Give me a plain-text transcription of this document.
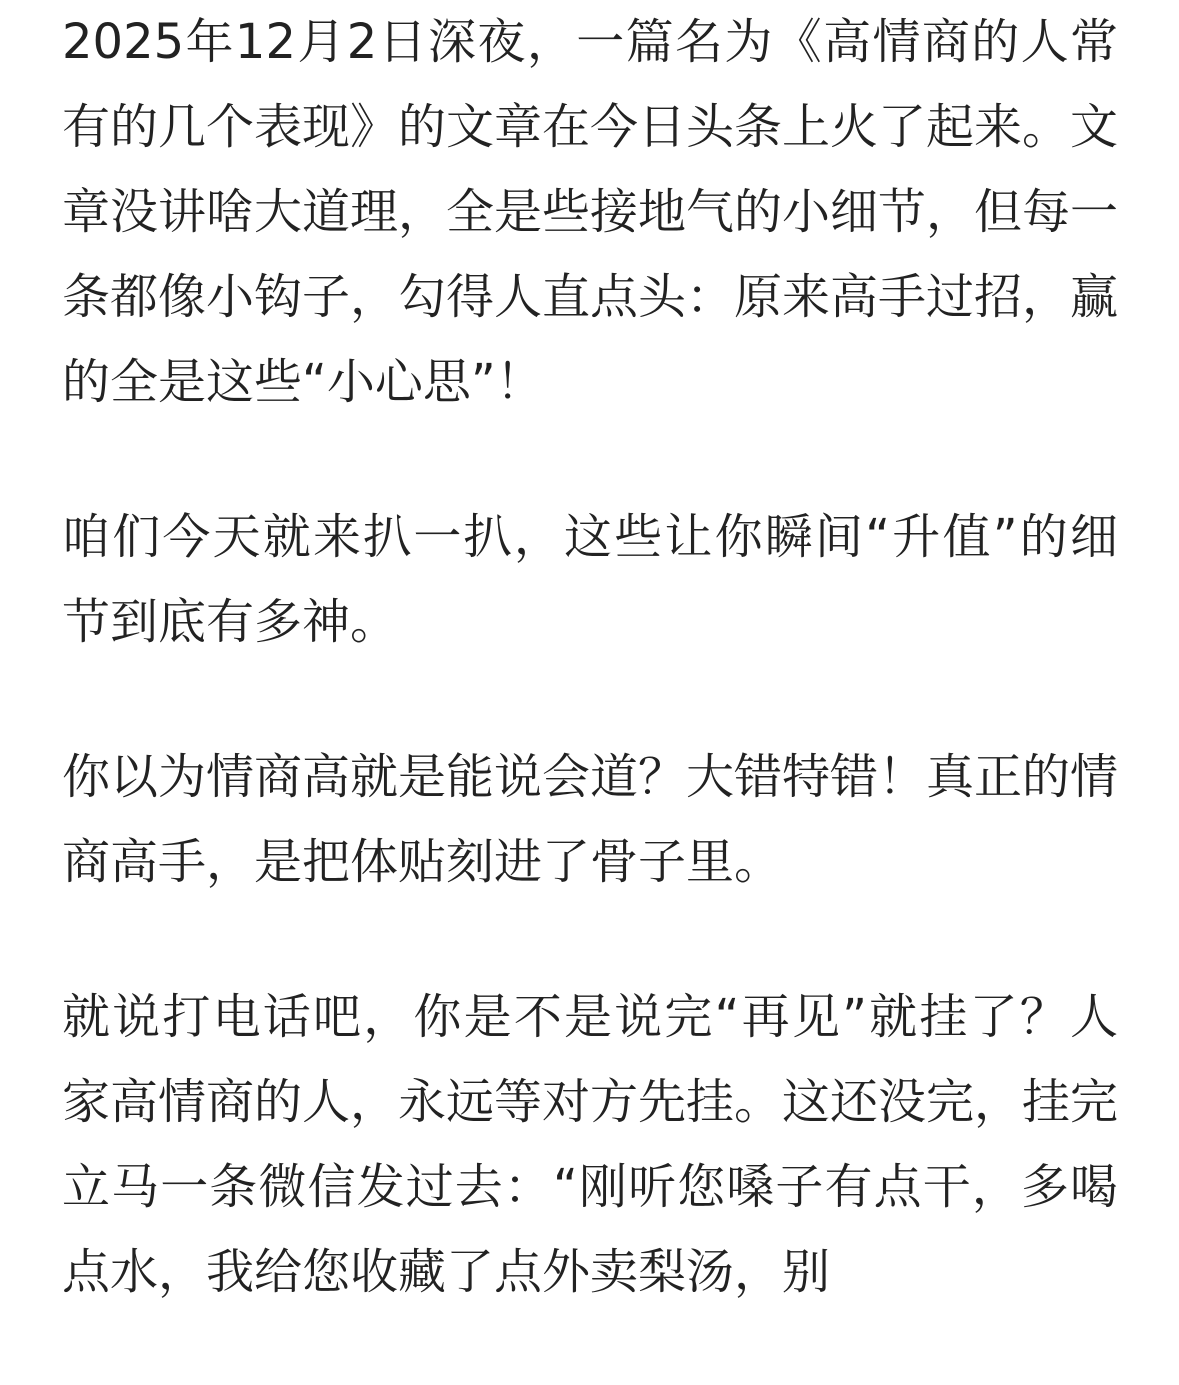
2025年12月2日深夜，一篇名为《高情商的人常有的几个表现》的文章在今日头条上火了起来。文章没讲啥大道理，全是些接地气的小细节，但每一条都像小钩子，勾得人直点头：原来高手过招，赢的全是这些“小心思”！

咱们今天就来扒一扒，这些让你瞬间“升值”的细节到底有多神。

你以为情商高就是能说会道？大错特错！真正的情商高手，是把体贴刻进了骨子里。

就说打电话吧，你是不是说完“再见”就挂了？人家高情商的人，永远等对方先挂。这还没完，挂完立马一条微信发过去：“刚听您嗓子有点干，多喝点水，我给您收藏了点外卖梨汤，别
